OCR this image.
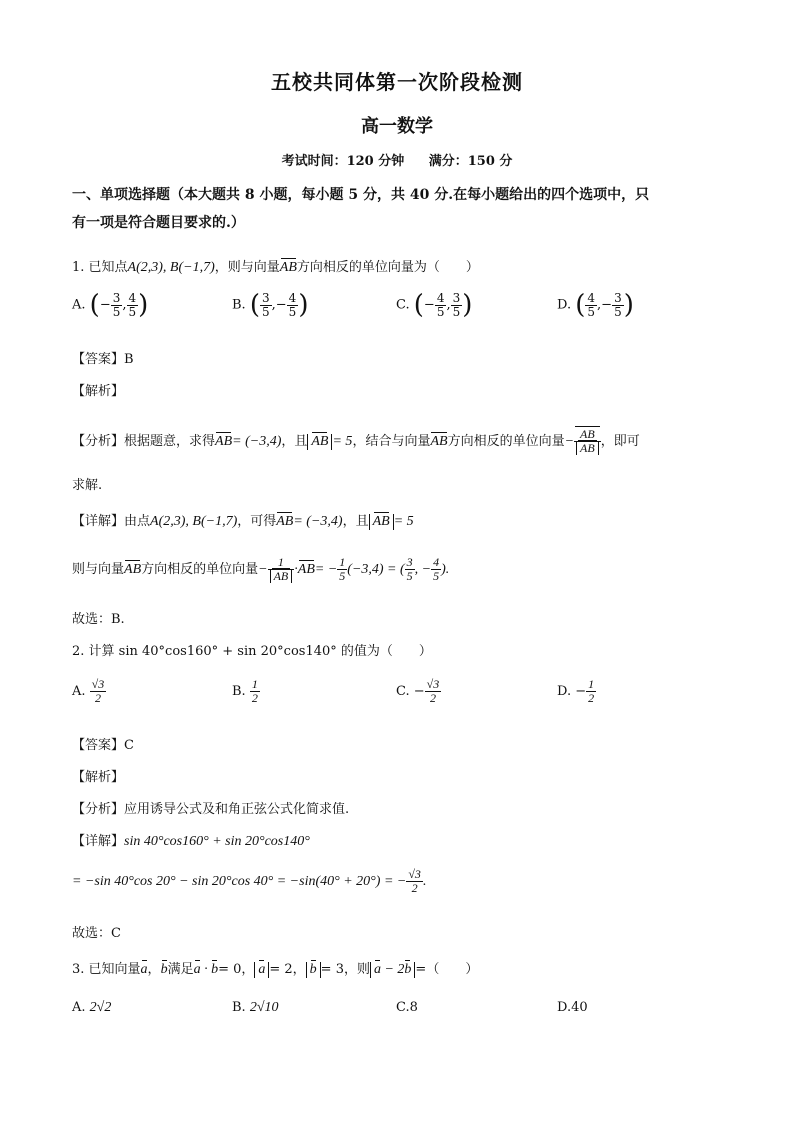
五校共同体第一次阶段检测
高一数学
考试时间：120 分钟 满分：150 分
一、单项选择题（本大题共 8 小题，每小题 5 分，共 40 分.在每小题给出的四个选项中，只
有一项是符合题目要求的.）
1. 已知点A(2,3), B(−1,7)，则与向量AB方向相反的单位向量为（　　）
A. (− $\frac{3}{5}$ , $\frac{4}{5}$ )	B. ( $\frac{3}{5}$ ,− $\frac{4}{5}$ )	C. (− $\frac{4}{5}$ , $\frac{3}{5}$ )	D. ( $\frac{4}{5}$ ,− $\frac{3}{5}$ )
【答案】B
【解析】
【分析】根据题意，求得AB= (−3,4)，且 AB = 5，结合与向量AB方向相反的单位向量− $\frac{AB}{AB}$ ，即可
求解.
【详解】由点A(2,3), B(−1,7)，可得AB= (−3,4)，且 AB = 5
则与向量AB方向相反的单位向量− $\frac{1}{AB} \cdot AB= - \frac{1}{5} (-3,4)$ = ( $\frac{3}{5}$ , − $\frac{4}{5}$ ).
故选：B.
2. 计算 sin 40°cos160° + sin 20°cos140° 的值为（　　）
A. $\frac{√3}{2}$	B. $\frac{1}{2}$	C. − $\frac{√3}{2}$	D. − $\frac{1}{2}$
【答案】C
【解析】
【分析】应用诱导公式及和角正弦公式化简求值.
【详解】sin 40°cos160° + sin 20°cos140°
= −sin 40°cos 20° − sin 20°cos 40° = −sin(40° + 20°) = − $\frac{√3}{2}$ .
故选：C
3. 已知向量a，b满足a · b= 0， a = 2， b = 3，则 a − 2b =（　　）
A. 2√2	B. 2√10	C.8	D.40
